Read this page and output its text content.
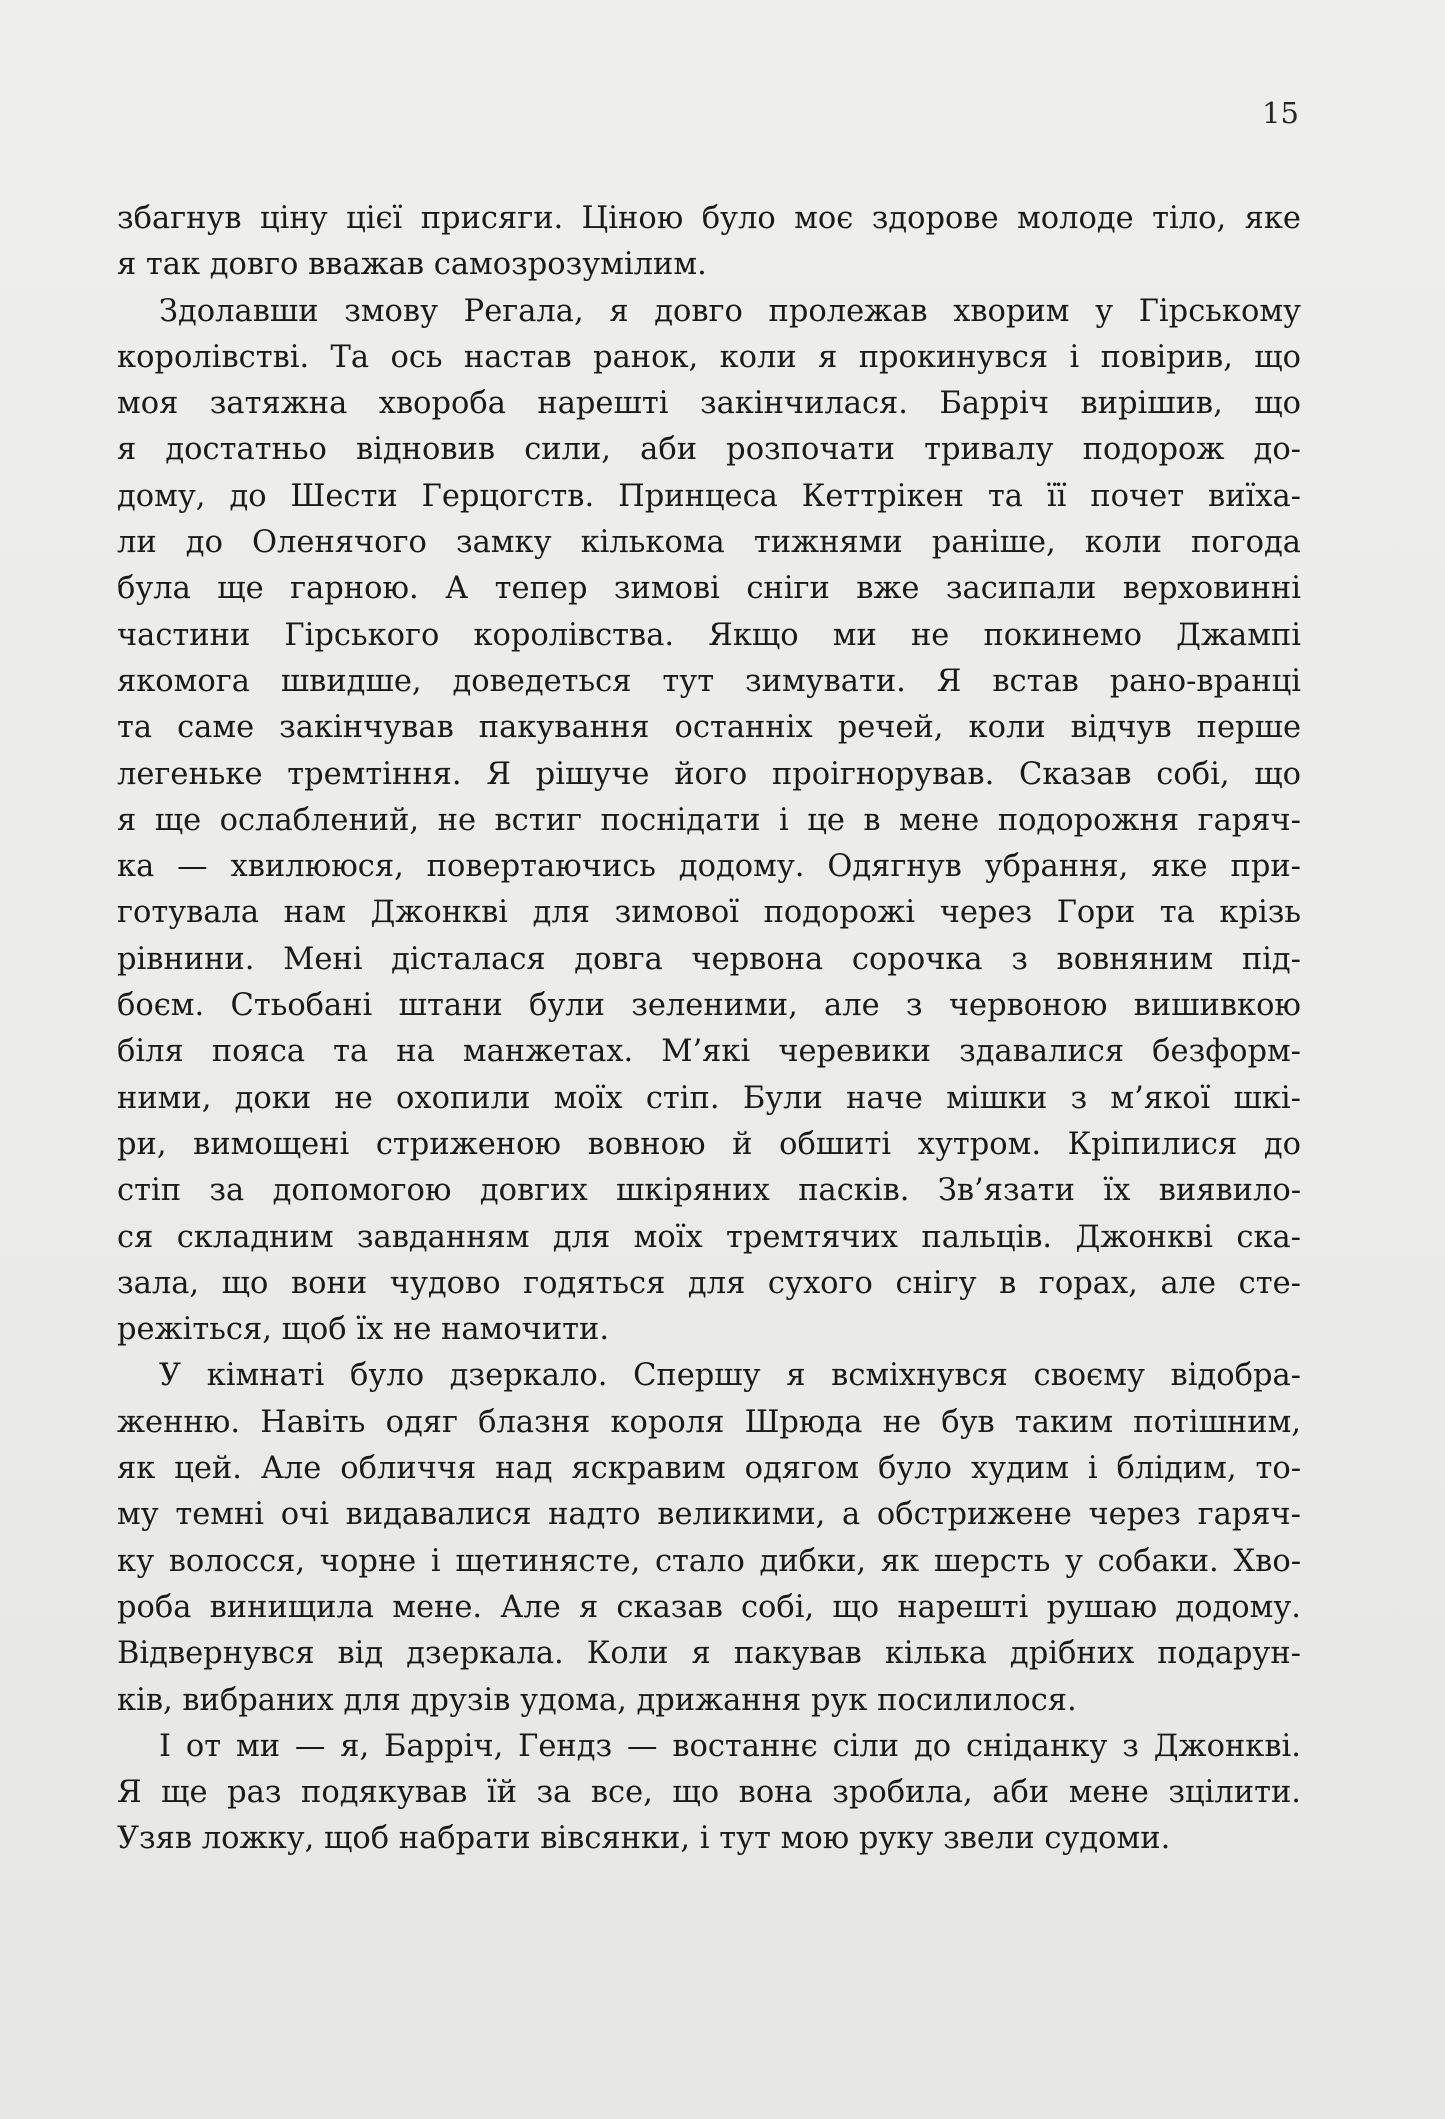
15
збагнув ціну цієї присяги. Ціною було моє здорове молоде тіло, яке
я так довго вважав самозрозумілим.
Здолавши змову Регала, я довго пролежав хворим у Гірському
королівстві. Та ось настав ранок, коли я прокинувся і повірив, що
моя затяжна хвороба нарешті закінчилася. Барріч вирішив, що
я достатньо відновив сили, аби розпочати тривалу подорож до-
дому, до Шести Герцогств. Принцеса Кеттрікен та її почет виїха-
ли до Оленячого замку кількома тижнями раніше, коли погода
була ще гарною. А тепер зимові сніги вже засипали верховинні
частини Гірського королівства. Якщо ми не покинемо Джампі
якомога швидше, доведеться тут зимувати. Я встав рано-вранці
та саме закінчував пакування останніх речей, коли відчув перше
легеньке тремтіння. Я рішуче його проігнорував. Сказав собі, що
я ще ослаблений, не встиг поснідати і це в мене подорожня гаряч-
ка — хвилююся, повертаючись додому. Одягнув убрання, яке при-
готувала нам Джонкві для зимової подорожі через Гори та крізь
рівнини. Мені дісталася довга червона сорочка з вовняним під-
боєм. Стьобані штани були зеленими, але з червоною вишивкою
біля пояса та на манжетах. М’які черевики здавалися безформ-
ними, доки не охопили моїх стіп. Були наче мішки з м’якої шкі-
ри, вимощені стриженою вовною й обшиті хутром. Кріпилися до
стіп за допомогою довгих шкіряних пасків. Зв’язати їх виявило-
ся складним завданням для моїх тремтячих пальців. Джонкві ска-
зала, що вони чудово годяться для сухого снігу в горах, але сте-
режіться, щоб їх не намочити.
У кімнаті було дзеркало. Спершу я всміхнувся своєму відобра-
женню. Навіть одяг блазня короля Шрюда не був таким потішним,
як цей. Але обличчя над яскравим одягом було худим і блідим, то-
му темні очі видавалися надто великими, а обстрижене через гаряч-
ку волосся, чорне і щетинясте, стало дибки, як шерсть у собаки. Хво-
роба винищила мене. Але я сказав собі, що нарешті рушаю додому.
Відвернувся від дзеркала. Коли я пакував кілька дрібних подарун-
ків, вибраних для друзів удома, дрижання рук посилилося.
І от ми — я, Барріч, Гендз — востаннє сіли до сніданку з Джонкві.
Я ще раз подякував їй за все, що вона зробила, аби мене зцілити.
Узяв ложку, щоб набрати вівсянки, і тут мою руку звели судоми.
